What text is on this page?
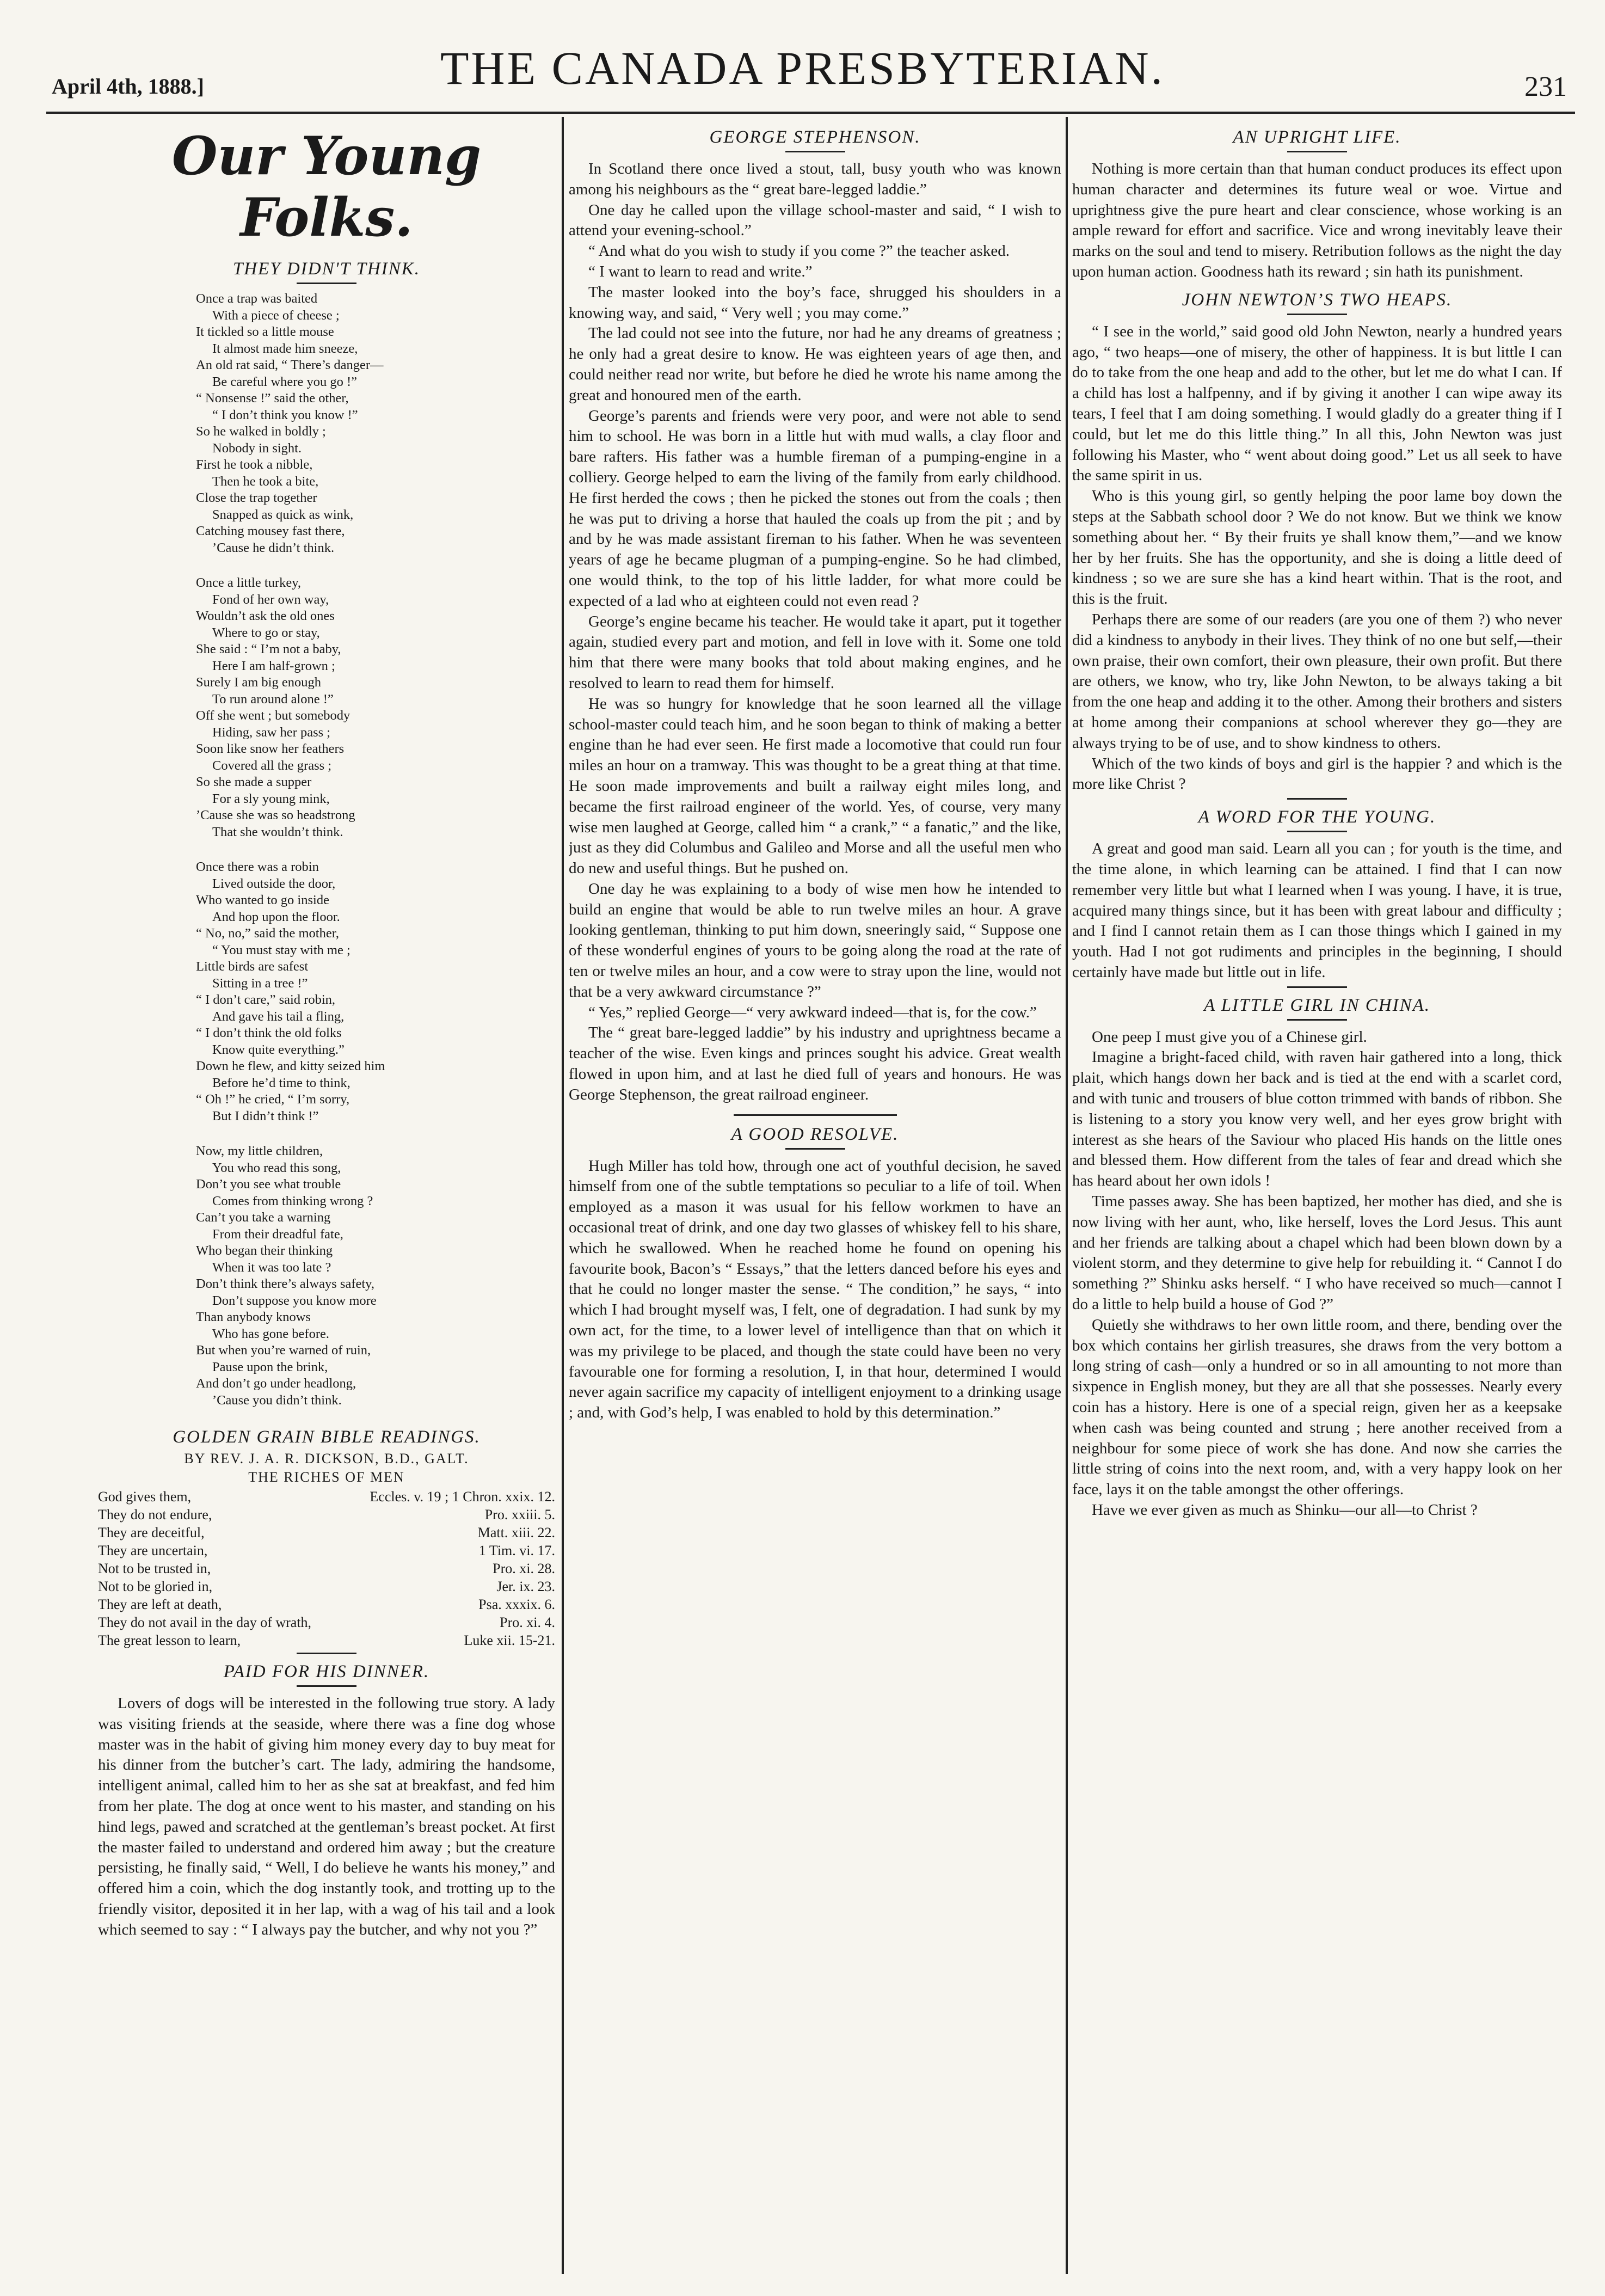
April 4th, 1888.]	THE CANADA PRESBYTERIAN.	231
Our Young Folks.
THEY DIDN'T THINK.
Once a trap was baited
With a piece of cheese ;
It tickled so a little mouse
It almost made him sneeze,
An old rat said, “ There’s danger—
Be careful where you go !”
“ Nonsense !” said the other,
“ I don’t think you know !”
So he walked in boldly ;
Nobody in sight.
First he took a nibble,
Then he took a bite,
Close the trap together
Snapped as quick as wink,
Catching mousey fast there,
’Cause he didn’t think.
Once a little turkey,
Fond of her own way,
Wouldn’t ask the old ones
Where to go or stay,
She said : “ I’m not a baby,
Here I am half-grown ;
Surely I am big enough
To run around alone !”
Off she went ; but somebody
Hiding, saw her pass ;
Soon like snow her feathers
Covered all the grass ;
So she made a supper
For a sly young mink,
’Cause she was so headstrong
That she wouldn’t think.
Once there was a robin
Lived outside the door,
Who wanted to go inside
And hop upon the floor.
“ No, no,” said the mother,
“ You must stay with me ;
Little birds are safest
Sitting in a tree !”
“ I don’t care,” said robin,
And gave his tail a fling,
“ I don’t think the old folks
Know quite everything.”
Down he flew, and kitty seized him
Before he’d time to think,
“ Oh !” he cried, “ I’m sorry,
But I didn’t think !”
Now, my little children,
You who read this song,
Don’t you see what trouble
Comes from thinking wrong ?
Can’t you take a warning
From their dreadful fate,
Who began their thinking
When it was too late ?
Don’t think there’s always safety,
Don’t suppose you know more
Than anybody knows
Who has gone before.
But when you’re warned of ruin,
Pause upon the brink,
And don’t go under headlong,
’Cause you didn’t think.
GOLDEN GRAIN BIBLE READINGS.
BY REV. J. A. R. DICKSON, B.D., GALT.
THE RICHES OF MEN
God gives them,	Eccles. v. 19 ; 1 Chron. xxix. 12.
They do not endure,	Pro. xxiii. 5.
They are deceitful,	Matt. xiii. 22.
They are uncertain,	1 Tim. vi. 17.
Not to be trusted in,	Pro. xi. 28.
Not to be gloried in,	Jer. ix. 23.
They are left at death,	Psa. xxxix. 6.
They do not avail in the day of wrath,	Pro. xi. 4.
The great lesson to learn,	Luke xii. 15-21.
PAID FOR HIS DINNER.

Lovers of dogs will be interested in the following true story. A lady was visiting friends at the seaside, where there was a fine dog whose master was in the habit of giving him money every day to buy meat for his dinner from the butcher’s cart. The lady, admiring the handsome, intelligent animal, called him to her as she sat at breakfast, and fed him from her plate. The dog at once went to his master, and standing on his hind legs, pawed and scratched at the gentleman’s breast pocket. At first the master failed to understand and ordered him away ; but the creature persisting, he finally said, “ Well, I do believe he wants his money,” and offered him a coin, which the dog instantly took, and trotting up to the friendly visitor, deposited it in her lap, with a wag of his tail and a look which seemed to say : “ I always pay the butcher, and why not you ?”

GEORGE STEPHENSON.

In Scotland there once lived a stout, tall, busy youth who was known among his neighbours as the “ great bare-legged laddie.”

One day he called upon the village school-master and said, “ I wish to attend your evening-school.”

“ And what do you wish to study if you come ?” the teacher asked.

“ I want to learn to read and write.”

The master looked into the boy’s face, shrugged his shoulders in a knowing way, and said, “ Very well ; you may come.”

The lad could not see into the future, nor had he any dreams of greatness ; he only had a great desire to know. He was eighteen years of age then, and could neither read nor write, but before he died he wrote his name among the great and honoured men of the earth.

George’s parents and friends were very poor, and were not able to send him to school. He was born in a little hut with mud walls, a clay floor and bare rafters. His father was a humble fireman of a pumping-engine in a colliery. George helped to earn the living of the family from early childhood. He first herded the cows ; then he picked the stones out from the coals ; then he was put to driving a horse that hauled the coals up from the pit ; and by and by he was made assistant fireman to his father. When he was seventeen years of age he became plugman of a pumping-engine. So he had climbed, one would think, to the top of his little ladder, for what more could be expected of a lad who at eighteen could not even read ?

George’s engine became his teacher. He would take it apart, put it together again, studied every part and motion, and fell in love with it. Some one told him that there were many books that told about making engines, and he resolved to learn to read them for himself.

He was so hungry for knowledge that he soon learned all the village school-master could teach him, and he soon began to think of making a better engine than he had ever seen. He first made a locomotive that could run four miles an hour on a tramway. This was thought to be a great thing at that time. He soon made improvements and built a railway eight miles long, and became the first railroad engineer of the world. Yes, of course, very many wise men laughed at George, called him “ a crank,” “ a fanatic,” and the like, just as they did Columbus and Galileo and Morse and all the useful men who do new and useful things. But he pushed on.

One day he was explaining to a body of wise men how he intended to build an engine that would be able to run twelve miles an hour. A grave looking gentleman, thinking to put him down, sneeringly said, “ Suppose one of these wonderful engines of yours to be going along the road at the rate of ten or twelve miles an hour, and a cow were to stray upon the line, would not that be a very awkward circumstance ?”

“ Yes,” replied George—“ very awkward indeed—that is, for the cow.”

The “ great bare-legged laddie” by his industry and uprightness became a teacher of the wise. Even kings and princes sought his advice. Great wealth flowed in upon him, and at last he died full of years and honours. He was George Stephenson, the great railroad engineer.

A GOOD RESOLVE.

Hugh Miller has told how, through one act of youthful decision, he saved himself from one of the subtle temptations so peculiar to a life of toil. When employed as a mason it was usual for his fellow workmen to have an occasional treat of drink, and one day two glasses of whiskey fell to his share, which he swallowed. When he reached home he found on opening his favourite book, Bacon’s “ Essays,” that the letters danced before his eyes and that he could no longer master the sense. “ The condition,” he says, “ into which I had brought myself was, I felt, one of degradation. I had sunk by my own act, for the time, to a lower level of intelligence than that on which it was my privilege to be placed, and though the state could have been no very favourable one for forming a resolution, I, in that hour, determined I would never again sacrifice my capacity of intelligent enjoyment to a drinking usage ; and, with God’s help, I was enabled to hold by this determination.”

AN UPRIGHT LIFE.

Nothing is more certain than that human conduct produces its effect upon human character and determines its future weal or woe. Virtue and uprightness give the pure heart and clear conscience, whose working is an ample reward for effort and sacrifice. Vice and wrong inevitably leave their marks on the soul and tend to misery. Retribution follows as the night the day upon human action. Goodness hath its reward ; sin hath its punishment.

JOHN NEWTON’S TWO HEAPS.

“ I see in the world,” said good old John Newton, nearly a hundred years ago, “ two heaps—one of misery, the other of happiness. It is but little I can do to take from the one heap and add to the other, but let me do what I can. If a child has lost a halfpenny, and if by giving it another I can wipe away its tears, I feel that I am doing something. I would gladly do a greater thing if I could, but let me do this little thing.” In all this, John Newton was just following his Master, who “ went about doing good.” Let us all seek to have the same spirit in us.

Who is this young girl, so gently helping the poor lame boy down the steps at the Sabbath school door ? We do not know. But we think we know something about her. “ By their fruits ye shall know them,”—and we know her by her fruits. She has the opportunity, and she is doing a little deed of kindness ; so we are sure she has a kind heart within. That is the root, and this is the fruit.

Perhaps there are some of our readers (are you one of them ?) who never did a kindness to anybody in their lives. They think of no one but self,—their own praise, their own comfort, their own pleasure, their own profit. But there are others, we know, who try, like John Newton, to be always taking a bit from the one heap and adding it to the other. Among their brothers and sisters at home among their companions at school wherever they go—they are always trying to be of use, and to show kindness to others.

Which of the two kinds of boys and girl is the happier ? and which is the more like Christ ?

A WORD FOR THE YOUNG.

A great and good man said. Learn all you can ; for youth is the time, and the time alone, in which learning can be attained. I find that I can now remember very little but what I learned when I was young. I have, it is true, acquired many things since, but it has been with great labour and difficulty ; and I find I cannot retain them as I can those things which I gained in my youth. Had I not got rudiments and principles in the beginning, I should certainly have made but little out in life.

A LITTLE GIRL IN CHINA.

One peep I must give you of a Chinese girl.

Imagine a bright-faced child, with raven hair gathered into a long, thick plait, which hangs down her back and is tied at the end with a scarlet cord, and with tunic and trousers of blue cotton trimmed with bands of ribbon. She is listening to a story you know very well, and her eyes grow bright with interest as she hears of the Saviour who placed His hands on the little ones and blessed them. How different from the tales of fear and dread which she has heard about her own idols !

Time passes away. She has been baptized, her mother has died, and she is now living with her aunt, who, like herself, loves the Lord Jesus. This aunt and her friends are talking about a chapel which had been blown down by a violent storm, and they determine to give help for rebuilding it. “ Cannot I do something ?” Shinku asks herself. “ I who have received so much—cannot I do a little to help build a house of God ?”

Quietly she withdraws to her own little room, and there, bending over the box which contains her girlish treasures, she draws from the very bottom a long string of cash—only a hundred or so in all amounting to not more than sixpence in English money, but they are all that she possesses. Nearly every coin has a history. Here is one of a special reign, given her as a keepsake when cash was being counted and strung ; here another received from a neighbour for some piece of work she has done. And now she carries the little string of coins into the next room, and, with a very happy look on her face, lays it on the table amongst the other offerings.

Have we ever given as much as Shinku—our all—to Christ ?
